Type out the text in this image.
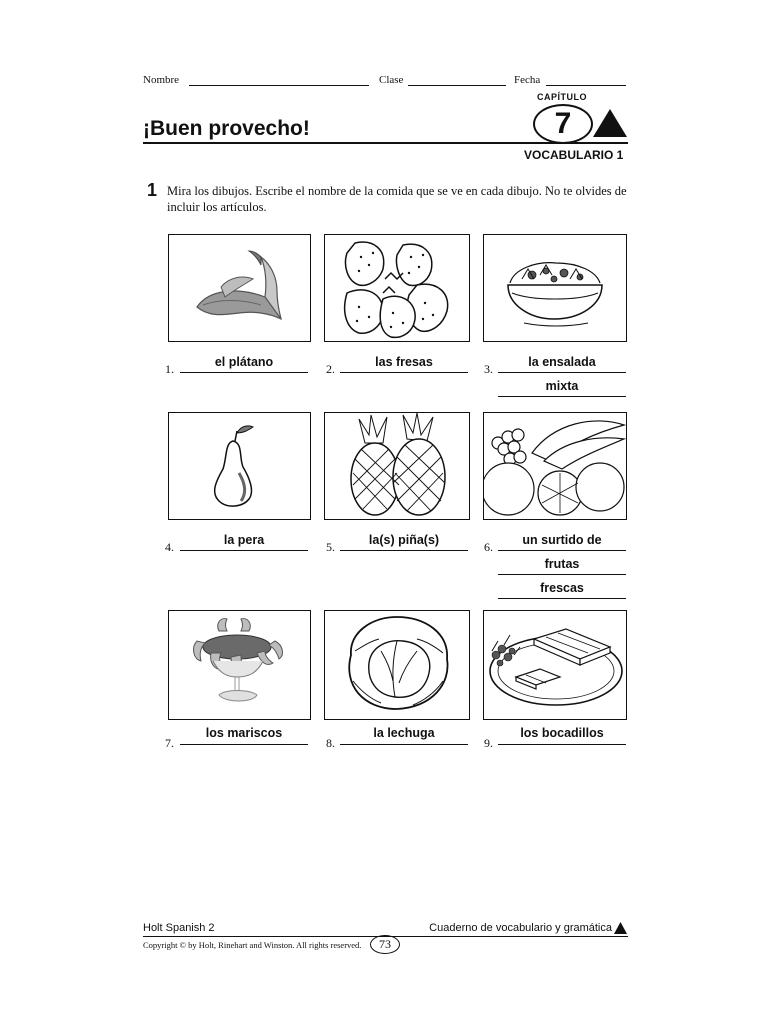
Nombre	Clase	Fecha
¡Buen provecho!
CAPÍTULO
7
VOCABULARIO 1
1 Mira los dibujos. Escribe el nombre de la comida que se ve en cada dibujo. No te olvides de incluir los artículos.
1.	el plátano	2.	las fresas	3.	la ensalada
mixta
4.	la pera	5.	la(s) piña(s)	6.	un surtido de
frutas
frescas
7.
los mariscos
8.
la lechuga
9.
los bocadillos
Holt Spanish 2	Cuaderno de vocabulario y gramática
Copyright © by Holt, Rinehart and Winston. All rights reserved. 73
